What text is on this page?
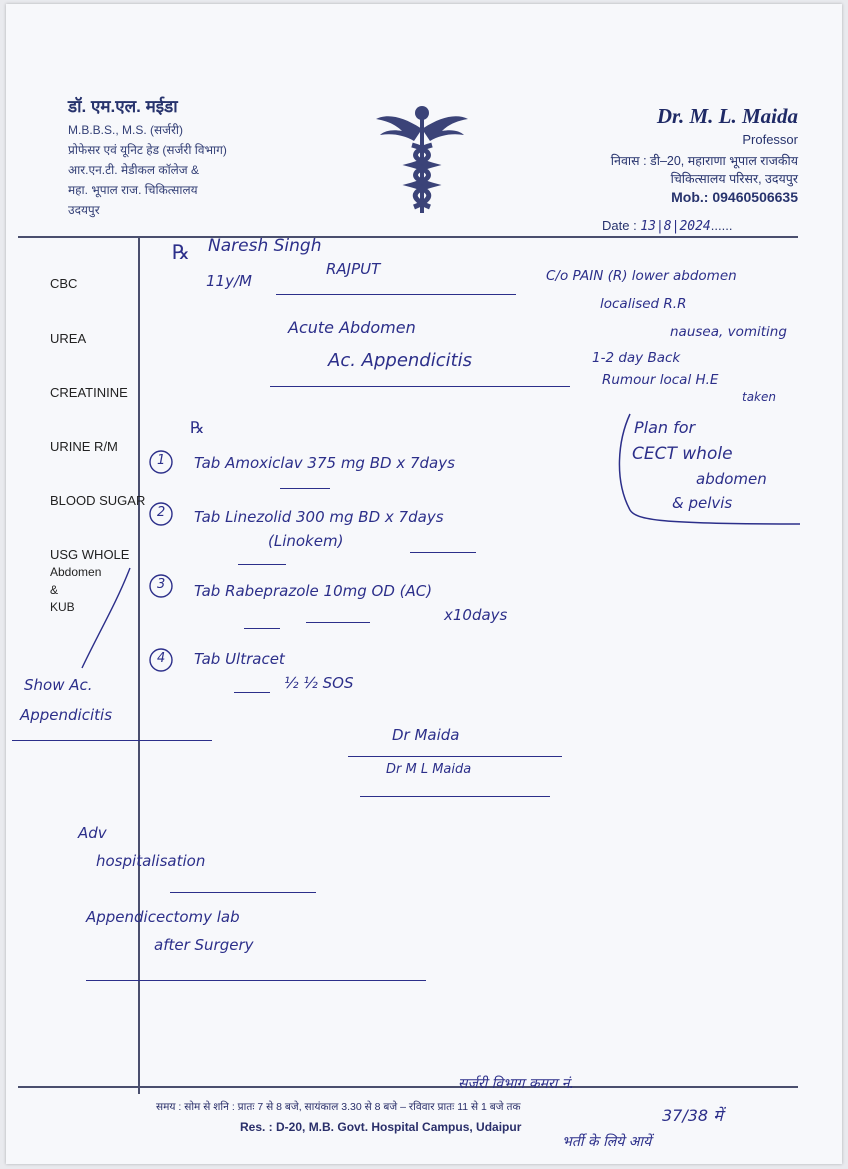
डॉ. एम.एल. मईडा
M.B.B.S., M.S. (सर्जरी)
प्रोफेसर एवं यूनिट हेड (सर्जरी विभाग)
आर.एन.टी. मेडीकल कॉलेज &
महा. भूपाल राज. चिकित्सालय
उदयपुर
Dr. M. L. Maida
Professor
निवास : डी–20, महाराणा भूपाल राजकीय
चिकित्सालय परिसर, उदयपुर
Mob.: 09460506635
Date : 13|8|2024......
CBC
UREA
CREATININE
URINE R/M
BLOOD SUGAR
USG WHOLE
Abdomen
&
KUB
℞ Naresh Singh
RAJPUT
11y/M	C/o PAIN (R) lower abdomen
localised R.R
nausea, vomiting
1-2 day Back
Rumour local H.E
taken
Acute Abdomen
Ac. Appendicitis
Plan for
CECT whole
abdomen
& pelvis
℞
1
2
3
4
Tab Amoxiclav 375 mg BD x 7days
Tab Linezolid 300 mg BD x 7days
(Linokem)
Tab Rabeprazole 10mg OD (AC)
x10days
Tab Ultracet
½ ½ SOS
Show Ac.
Appendicitis
Dr Maida
Dr M L Maida
Adv
hospitalisation
Appendicectomy lab
after Surgery
सर्जरी विभाग कमरा नं.
37/38 में
भर्ती के लिये आयें
समय : सोम से शनि : प्रातः 7 से 8 बजे, सायंकाल 3.30 से 8 बजे – रविवार प्रातः 11 से 1 बजे तक
Res. : D-20, M.B. Govt. Hospital Campus, Udaipur
